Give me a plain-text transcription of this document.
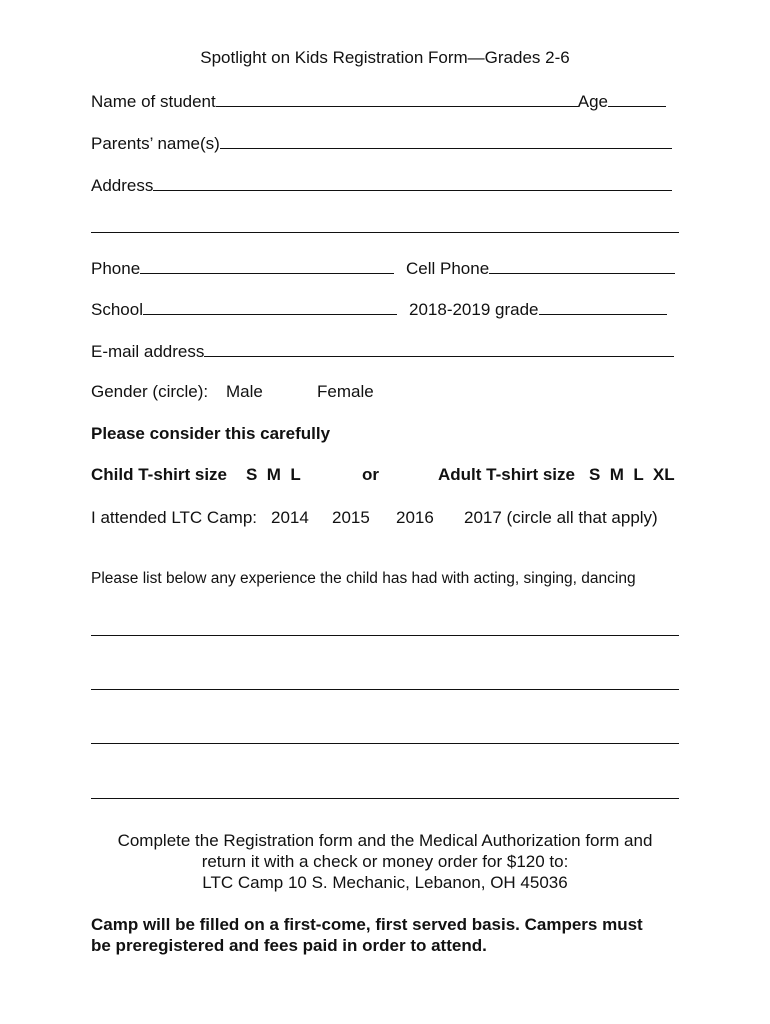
Spotlight on Kids Registration Form—Grades 2-6
Name of student	Age
Parents’ name(s)
Address
Phone	Cell Phone
School	2018-2019 grade
E-mail address
Gender (circle): Male	Female
Please consider this carefully
Child T-shirt size S  M  L	or	Adult T-shirt size S  M  L  XL
I attended LTC Camp: 2014 2015 2016 2017 (circle all that apply)
Please list below any experience the child has had with acting, singing, dancing
Complete the Registration form and the Medical Authorization form and
return it with a check or money order for $120 to:
LTC Camp 10 S. Mechanic, Lebanon, OH 45036
Camp will be filled on a first-come, first served basis. Campers must
be preregistered and fees paid in order to attend.
